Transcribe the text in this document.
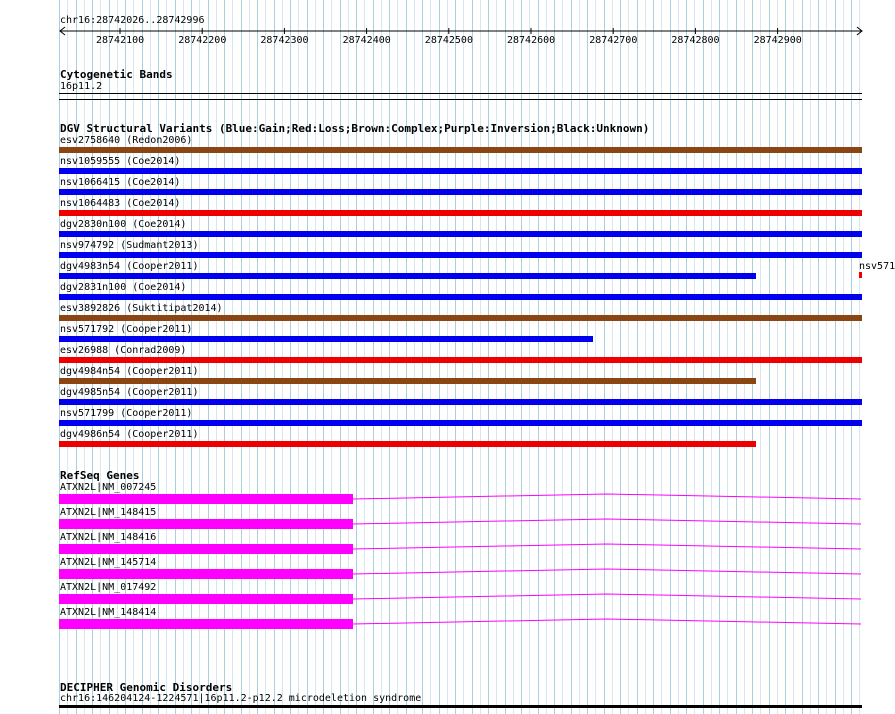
chr16:28742026..28742996
28742100	28742200	28742300	28742400	28742500	28742600	28742700	28742800	28742900
Cytogenetic Bands
16p11.2
DGV Structural Variants (Blue:Gain;Red:Loss;Brown:Complex;Purple:Inversion;Black:Unknown)
esv2758640 (Redon2006)
nsv1059555 (Coe2014)
nsv1066415 (Coe2014)
nsv1064483 (Coe2014)
dgv2830n100 (Coe2014)
nsv974792 (Sudmant2013)
dgv4983n54 (Cooper2011)
dgv2831n100 (Coe2014)
esv3892826 (Suktitipat2014)
nsv571792 (Cooper2011)
esv26988 (Conrad2009)
dgv4984n54 (Cooper2011)
dgv4985n54 (Cooper2011)
nsv571799 (Cooper2011)
dgv4986n54 (Cooper2011)
nsv571
RefSeq Genes
ATXN2L|NM_007245
ATXN2L|NM_148415
ATXN2L|NM_148416
ATXN2L|NM_145714
ATXN2L|NM_017492
ATXN2L|NM_148414
DECIPHER Genomic Disorders
chr16:146204124-1224571|16p11.2-p12.2 microdeletion syndrome
